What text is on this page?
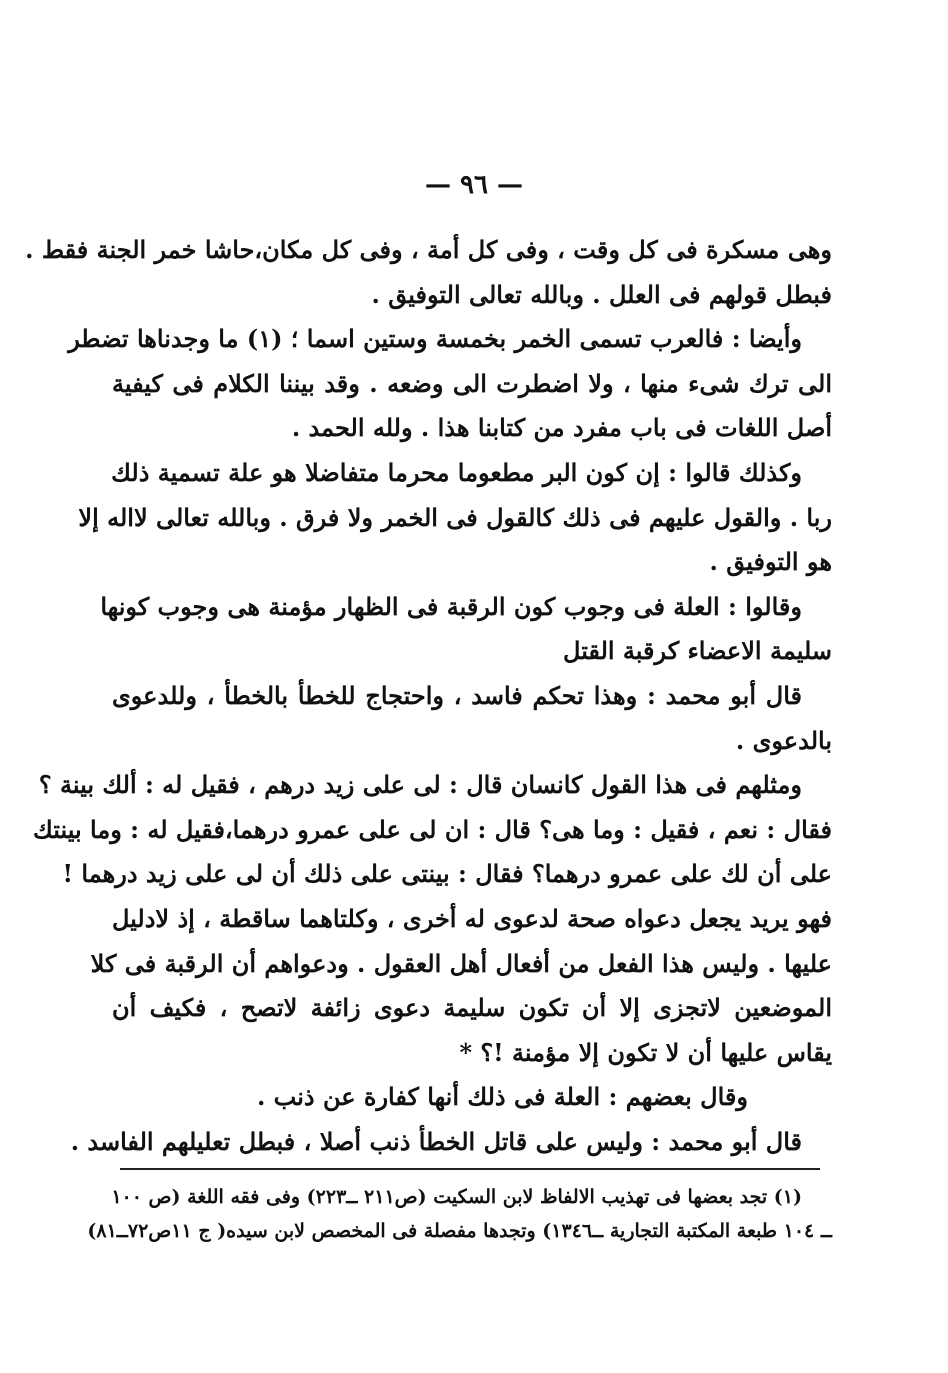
— ٩٦ —
وهى مسكرة فى كل وقت ، وفى كل أمة ، وفى كل مكان،حاشا خمر الجنة فقط .
فبطل قولهم فى العلل . وبالله تعالى التوفيق .
وأيضا : فالعرب تسمى الخمر بخمسة وستين اسما ؛ (١) ما وجدناها تضطر
الى ترك شىء منها ، ولا اضطرت الى وضعه . وقد بيننا الكلام فى كيفية
أصل اللغات فى باب مفرد من كتابنا هذا . ولله الحمد .
وكذلك قالوا : إن كون البر مطعوما محرما متفاضلا هو علة تسمية ذلك
ربا . والقول عليهم فى ذلك كالقول فى الخمر ولا فرق . وبالله تعالى لااله إلا
هو التوفيق .
وقالوا : العلة فى وجوب كون الرقبة فى الظهار مؤمنة هى وجوب كونها
سليمة الاعضاء كرقبة القتل
قال أبو محمد : وهذا تحكم فاسد ، واحتجاج للخطأ بالخطأ ، وللدعوى
بالدعوى .
ومثلهم فى هذا القول كانسان قال : لى على زيد درهم ، فقيل له : ألك بينة ؟
فقال : نعم ، فقيل : وما هى؟ قال : ان لى على عمرو درهما،فقيل له : وما بينتك
على أن لك على عمرو درهما؟ فقال : بينتى على ذلك أن لى على زيد درهما !
فهو يريد يجعل دعواه صحة لدعوى له أخرى ، وكلتاهما ساقطة ، إذ لادليل
عليها . وليس هذا الفعل من أفعال أهل العقول . ودعواهم أن الرقبة فى كلا
الموضعين لاتجزى إلا أن تكون سليمة دعوى زائفة لاتصح ، فكيف أن
يقاس عليها أن لا تكون إلا مؤمنة !؟ *
وقال بعضهم : العلة فى ذلك أنها كفارة عن ذنب .
قال أبو محمد : وليس على قاتل الخطأ ذنب أصلا ، فبطل تعليلهم الفاسد .
(١) تجد بعضها فى تهذيب الالفاظ لابن السكيت (ص٢١١ ــ٢٢٣) وفى فقه اللغة (ص ١٠٠
ــ ١٠٤ طبعة المكتبة التجارية ــ١٣٤٦) وتجدها مفصلة فى المخصص لابن سيده( ج ١١ص٧٢ــ٨١)
